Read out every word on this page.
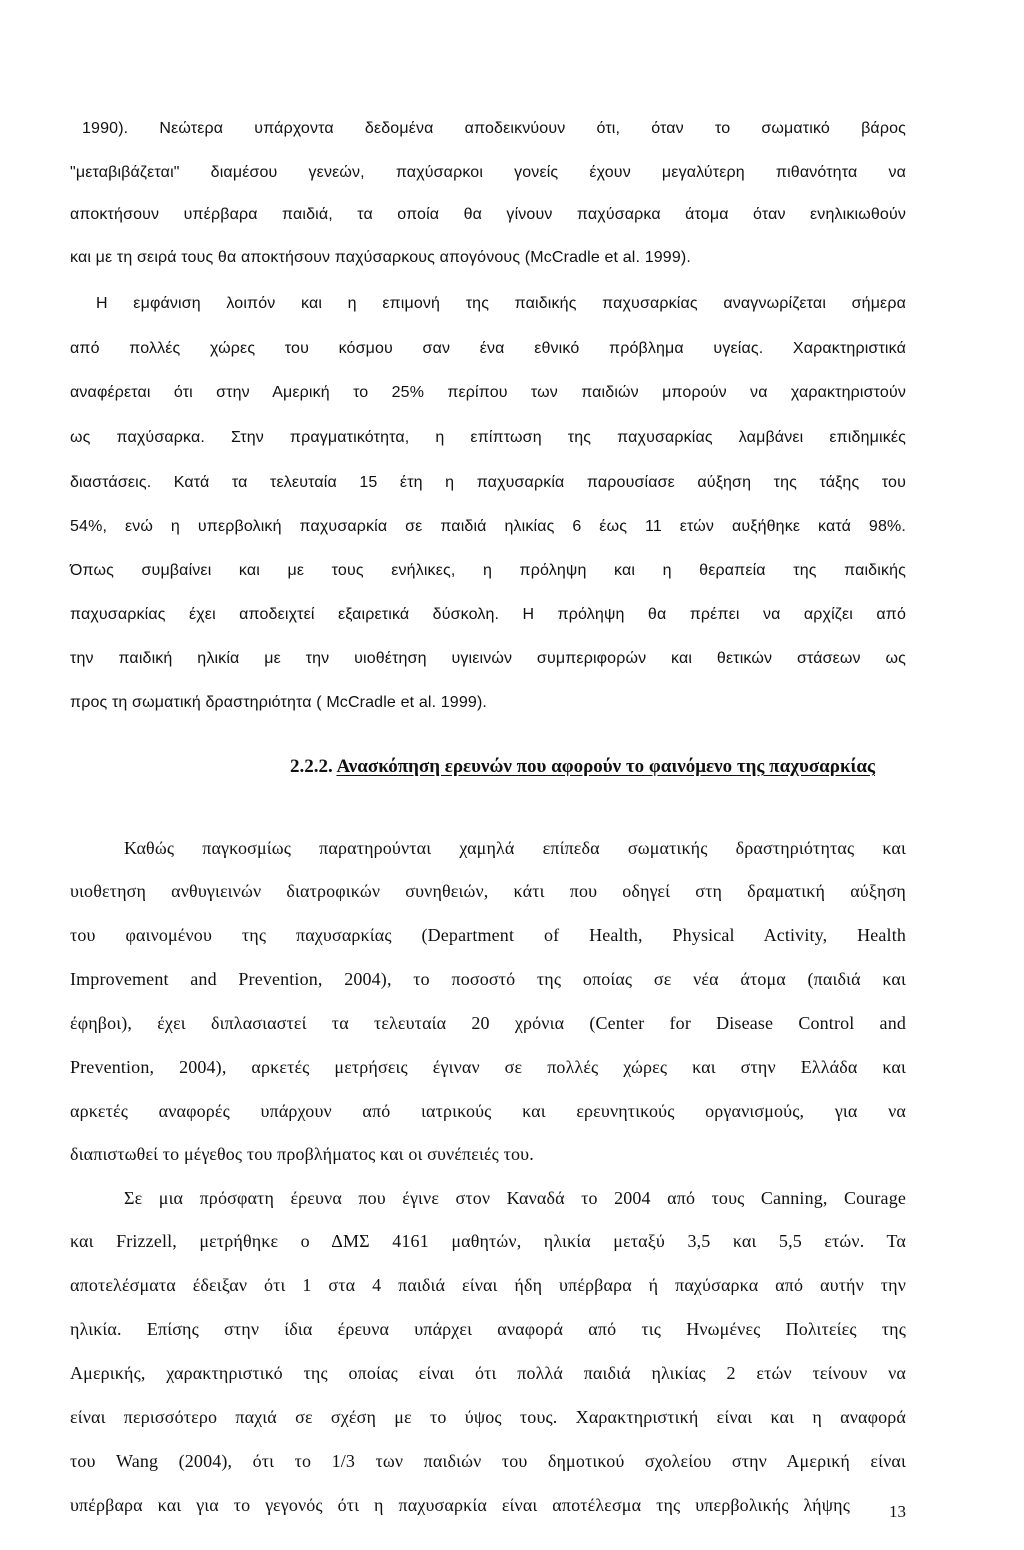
1990). Νεώτερα υπάρχοντα δεδομένα αποδεικνύουν ότι, όταν το σωματικό βάρος
"μεταβιβάζεται" διαμέσου γενεών, παχύσαρκοι γονείς έχουν μεγαλύτερη πιθανότητα να
αποκτήσουν υπέρβαρα παιδιά, τα οποία θα γίνουν παχύσαρκα άτομα όταν ενηλικιωθούν
και με τη σειρά τους θα αποκτήσουν παχύσαρκους απογόνους (McCradle et al. 1999).
Η εμφάνιση λοιπόν και η επιμονή της παιδικής παχυσαρκίας αναγνωρίζεται σήμερα
από πολλές χώρες του κόσμου σαν ένα εθνικό πρόβλημα υγείας. Χαρακτηριστικά
αναφέρεται ότι στην Αμερική το 25% περίπου των παιδιών μπορούν να χαρακτηριστούν
ως παχύσαρκα. Στην πραγματικότητα, η επίπτωση της παχυσαρκίας λαμβάνει επιδημικές
διαστάσεις. Κατά τα τελευταία 15 έτη η παχυσαρκία παρουσίασε αύξηση της τάξης του
54%, ενώ η υπερβολική παχυσαρκία σε παιδιά ηλικίας 6 έως 11 ετών αυξήθηκε κατά 98%.
Όπως συμβαίνει και με τους ενήλικες, η πρόληψη και η θεραπεία της παιδικής
παχυσαρκίας έχει αποδειχτεί εξαιρετικά δύσκολη. Η πρόληψη θα πρέπει να αρχίζει από
την παιδική ηλικία με την υιοθέτηση υγιεινών συμπεριφορών και θετικών στάσεων ως
προς τη σωματική δραστηριότητα ( McCradle et al. 1999).
2.2.2. Ανασκόπηση ερευνών που αφορούν το φαινόμενο της παχυσαρκίας
Καθώς παγκοσμίως παρατηρούνται χαμηλά επίπεδα σωματικής δραστηριότητας και
υιοθετηση ανθυγιεινών διατροφικών συνηθειών, κάτι που οδηγεί στη δραματική αύξηση
του φαινομένου της παχυσαρκίας (Department of Health, Physical Activity, Health
Improvement and Prevention, 2004), το ποσοστό της οποίας σε νέα άτομα (παιδιά και
έφηβοι), έχει διπλασιαστεί τα τελευταία 20 χρόνια (Center for Disease Control and
Prevention, 2004), αρκετές μετρήσεις έγιναν σε πολλές χώρες και στην Ελλάδα και
αρκετές αναφορές υπάρχουν από ιατρικούς και ερευνητικούς οργανισμούς, για να
διαπιστωθεί το μέγεθος του προβλήματος και οι συνέπειές του.
Σε μια πρόσφατη έρευνα που έγινε στον Καναδά το 2004 από τους Canning, Courage
και Frizzell, μετρήθηκε ο ΔΜΣ 4161 μαθητών, ηλικία μεταξύ 3,5 και 5,5 ετών. Τα
αποτελέσματα έδειξαν ότι 1 στα 4 παιδιά είναι ήδη υπέρβαρα ή παχύσαρκα από αυτήν την
ηλικία. Επίσης στην ίδια έρευνα υπάρχει αναφορά από τις Ηνωμένες Πολιτείες της
Αμερικής, χαρακτηριστικό της οποίας είναι ότι πολλά παιδιά ηλικίας 2 ετών τείνουν να
είναι περισσότερο παχιά σε σχέση με το ύψος τους. Χαρακτηριστική είναι και η αναφορά
του Wang (2004), ότι το 1/3 των παιδιών του δημοτικού σχολείου στην Αμερική είναι
υπέρβαρα και για το γεγονός ότι η παχυσαρκία είναι αποτέλεσμα της υπερβολικής λήψης 13
